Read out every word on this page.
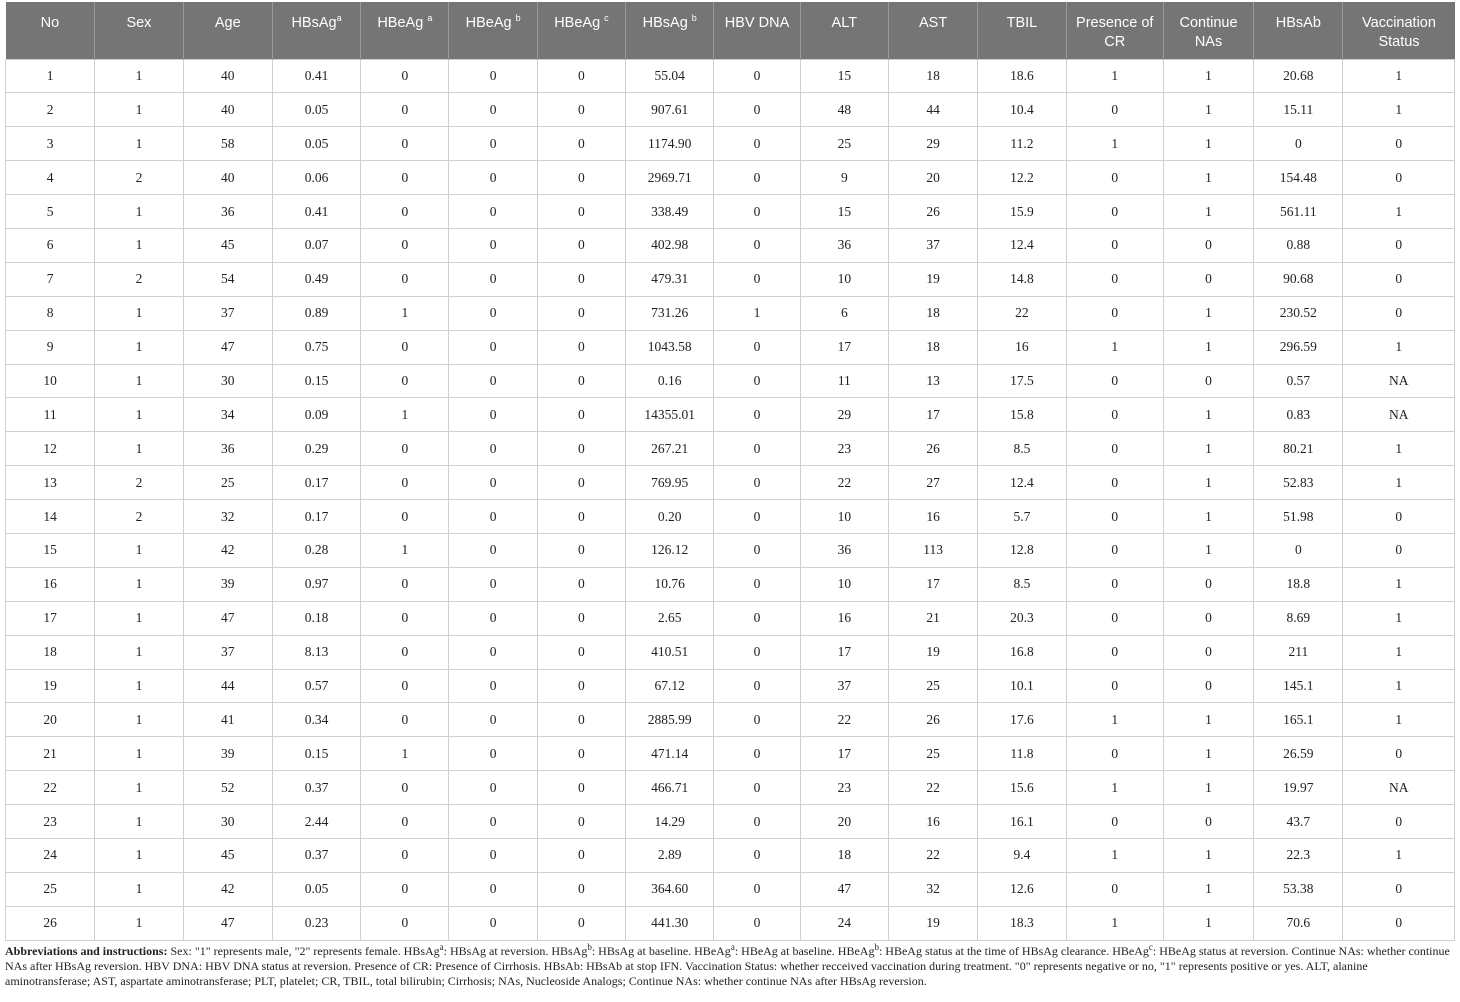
No	Sex	Age	HBsAg$^a$	HBeAg $^a$	HBeAg $^b$	HBeAg $^c$	HBsAg $^b$	HBV DNA	ALT	AST	TBIL	Presence of CR	Continue NAs	HBsAb	Vaccination Status
1	1	40	0.41	0	0	0	55.04	0	15	18	18.6	1	1	20.68	1
2	1	40	0.05	0	0	0	907.61	0	48	44	10.4	0	1	15.11	1
3	1	58	0.05	0	0	0	1174.90	0	25	29	11.2	1	1	0	0
4	2	40	0.06	0	0	0	2969.71	0	9	20	12.2	0	1	154.48	0
5	1	36	0.41	0	0	0	338.49	0	15	26	15.9	0	1	561.11	1
6	1	45	0.07	0	0	0	402.98	0	36	37	12.4	0	0	0.88	0
7	2	54	0.49	0	0	0	479.31	0	10	19	14.8	0	0	90.68	0
8	1	37	0.89	1	0	0	731.26	1	6	18	22	0	1	230.52	0
9	1	47	0.75	0	0	0	1043.58	0	17	18	16	1	1	296.59	1
10	1	30	0.15	0	0	0	0.16	0	11	13	17.5	0	0	0.57	NA
11	1	34	0.09	1	0	0	14355.01	0	29	17	15.8	0	1	0.83	NA
12	1	36	0.29	0	0	0	267.21	0	23	26	8.5	0	1	80.21	1
13	2	25	0.17	0	0	0	769.95	0	22	27	12.4	0	1	52.83	1
14	2	32	0.17	0	0	0	0.20	0	10	16	5.7	0	1	51.98	0
15	1	42	0.28	1	0	0	126.12	0	36	113	12.8	0	1	0	0
16	1	39	0.97	0	0	0	10.76	0	10	17	8.5	0	0	18.8	1
17	1	47	0.18	0	0	0	2.65	0	16	21	20.3	0	0	8.69	1
18	1	37	8.13	0	0	0	410.51	0	17	19	16.8	0	0	211	1
19	1	44	0.57	0	0	0	67.12	0	37	25	10.1	0	0	145.1	1
20	1	41	0.34	0	0	0	2885.99	0	22	26	17.6	1	1	165.1	1
21	1	39	0.15	1	0	0	471.14	0	17	25	11.8	0	1	26.59	0
22	1	52	0.37	0	0	0	466.71	0	23	22	15.6	1	1	19.97	NA
23	1	30	2.44	0	0	0	14.29	0	20	16	16.1	0	0	43.7	0
24	1	45	0.37	0	0	0	2.89	0	18	22	9.4	1	1	22.3	1
25	1	42	0.05	0	0	0	364.60	0	47	32	12.6	0	1	53.38	0
26	1	47	0.23	0	0	0	441.30	0	24	19	18.3	1	1	70.6	0
Abbreviations and instructions: Sex: "1" represents male, "2" represents female. HBsAg$^a$: HBsAg at reversion. HBsAg$^b$: HBsAg at baseline. HBeAg$^a$: HBeAg at baseline. HBeAg$^b$: HBeAg status at the time of HBsAg clearance. HBeAg$^c$: HBeAg status at reversion. Continue NAs: whether continue NAs after HBsAg reversion. HBV DNA: HBV DNA status at reversion. Presence of CR: Presence of Cirrhosis. HBsAb: HBsAb at stop IFN. Vaccination Status: whether recceived vaccination during treatment. "0" represents negative or no, "1" represents positive or yes. ALT, alanine aminotransferase; AST, aspartate aminotransferase; PLT, platelet; CR, TBIL, total bilirubin; Cirrhosis; NAs, Nucleoside Analogs; Continue NAs: whether continue NAs after HBsAg reversion.
